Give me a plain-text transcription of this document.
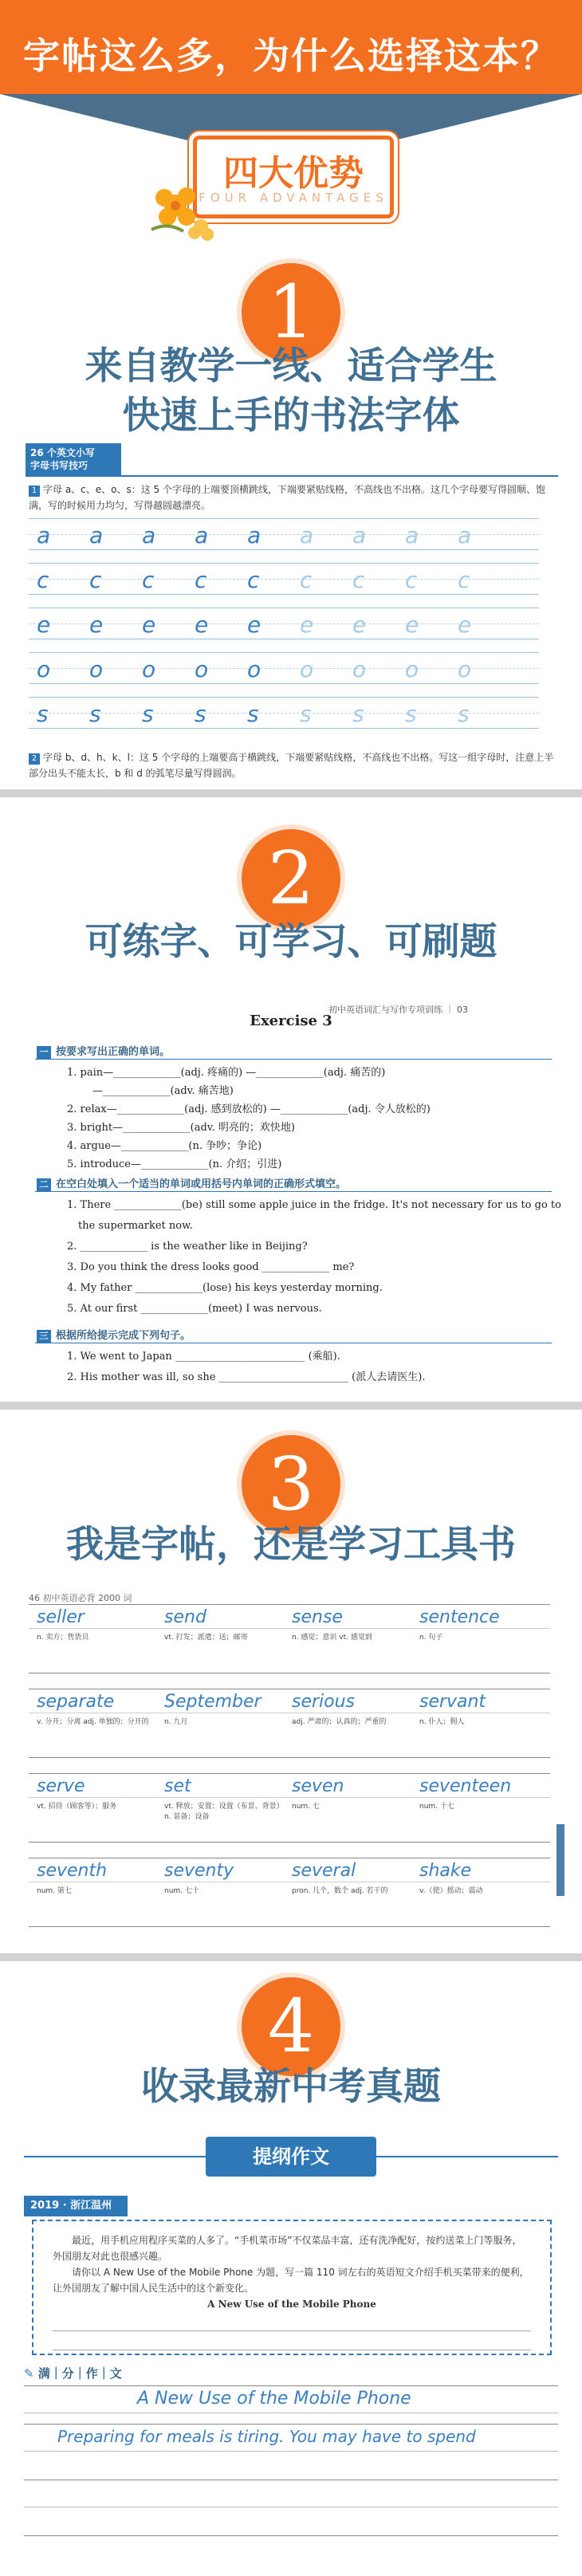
字帖这么多，为什么选择这本？
四大优势
FOUR ADVANTAGES
1
来自教学一线、适合学生
快速上手的书法字体
26 个英文小写
字母书写技巧
1 字母 a、c、e、o、s：这 5 个字母的上端要顶横跳线，下端要紧贴线格，不高线也不出格。这几个字母要写得圆顺、饱满，写的时候用力均匀，写得越圆越漂亮。
a a a a a a a a a
c c c c c c c c c
e e e e e e e e e
o o o o o o o o o
s s s s s s s s s
2 字母 b、d、h、k、l：这 5 个字母的上端要高于横跳线，下端要紧贴线格，不高线也不出格。写这一组字母时，注意上半部分出头不能太长，b 和 d 的弧笔尽量写得圆润。
2
可练字、可学习、可刷题
初中英语词汇与写作专项训练 ｜ 03
Exercise 3
一 按要求写出正确的单词。
1. pain—_____________(adj. 疼痛的) —_____________(adj. 痛苦的)
—_____________(adv. 痛苦地)
2. relax—_____________(adj. 感到放松的) —_____________(adj. 令人放松的)
3. bright—_____________(adv. 明亮的；欢快地)
4. argue—_____________(n. 争吵；争论)
5. introduce—_____________(n. 介绍；引进)
二 在空白处填入一个适当的单词或用括号内单词的正确形式填空。
1. There _____________(be) still some apple juice in the fridge. It's not necessary for us to go to
the supermarket now.
2. _____________ is the weather like in Beijing?
3. Do you think the dress looks good _____________ me?
4. My father _____________(lose) his keys yesterday morning.
5. At our first _____________(meet) I was nervous.
三 根据所给提示完成下列句子。
1. We went to Japan _________________________ (乘船).
2. His mother was ill, so she _________________________ (派人去请医生).
3
我是字帖，还是学习工具书
46 初中英语必背 2000 词
seller
n. 卖方；售货员
send
vt. 打发；派遣；送；邮寄
sense
n. 感觉；意识 vt. 感觉到
sentence
n. 句子
separate
v. 分开；分离 adj. 单独的；分开的
September
n. 九月
serious
adj. 严肃的；认真的；严重的
servant
n. 仆人；佣人
serve
vt. 招待（顾客等）；服务
set
vt. 释放；安置；设置（布景、背景） n. 装备；设备
seven
num. 七
seventeen
num. 十七
seventh
num. 第七
seventy
num. 七十
several
pron. 几个，数个 adj. 若干的
shake
v.（使）摇动；震动
4
收录最新中考真题
提纲作文
2019 · 浙江温州

最近，用手机应用程序买菜的人多了。“手机菜市场”不仅菜品丰富，还有洗净配好，按约送菜上门等服务，外国朋友对此也很感兴趣。

请你以 A New Use of the Mobile Phone 为题，写一篇 110 词左右的英语短文介绍手机买菜带来的便利，让外国朋友了解中国人民生活中的这个新变化。

A New Use of the Mobile Phone

✎ 满｜分｜作｜文
A New Use of the Mobile Phone
Preparing for meals is tiring. You may have to spend
